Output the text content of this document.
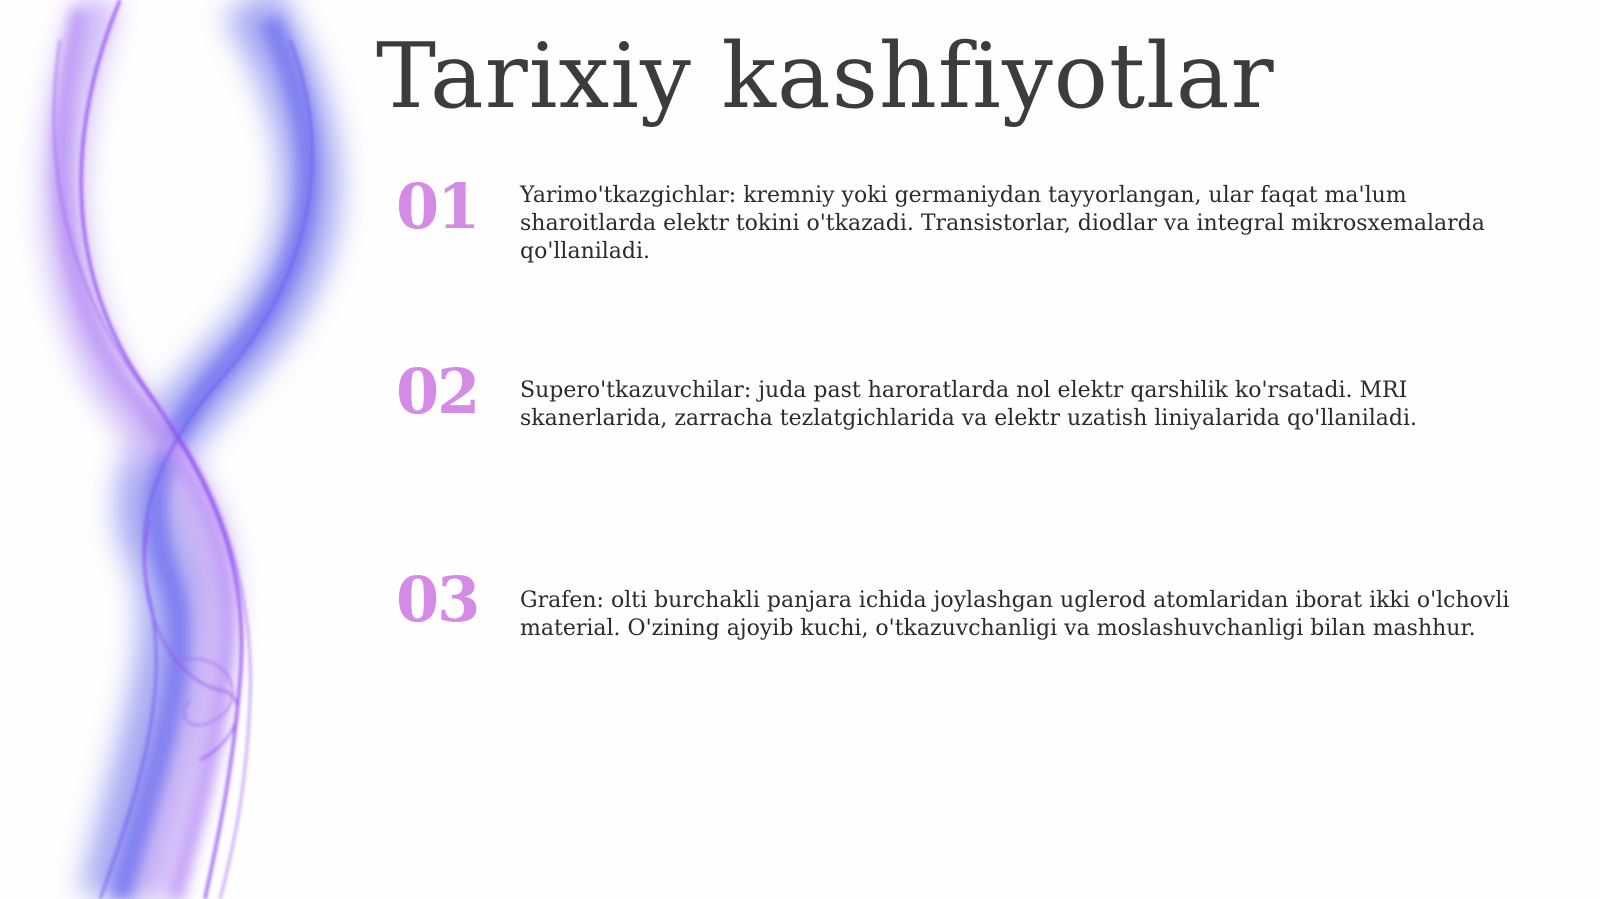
Tarixiy kashfiyotlar
01 Yarimo'tkazgichlar: kremniy yoki germaniydan tayyorlangan, ular faqat ma'lum sharoitlarda elektr tokini o'tkazadi. Transistorlar, diodlar va integral mikrosxemalarda qo'llaniladi.

02 Supero'tkazuvchilar: juda past haroratlarda nol elektr qarshilik ko'rsatadi. MRI skanerlarida, zarracha tezlatgichlarida va elektr uzatish liniyalarida qo'llaniladi.

03 Grafen: olti burchakli panjara ichida joylashgan uglerod atomlaridan iborat ikki o'lchovli material. O'zining ajoyib kuchi, o'tkazuvchanligi va moslashuvchanligi bilan mashhur.
